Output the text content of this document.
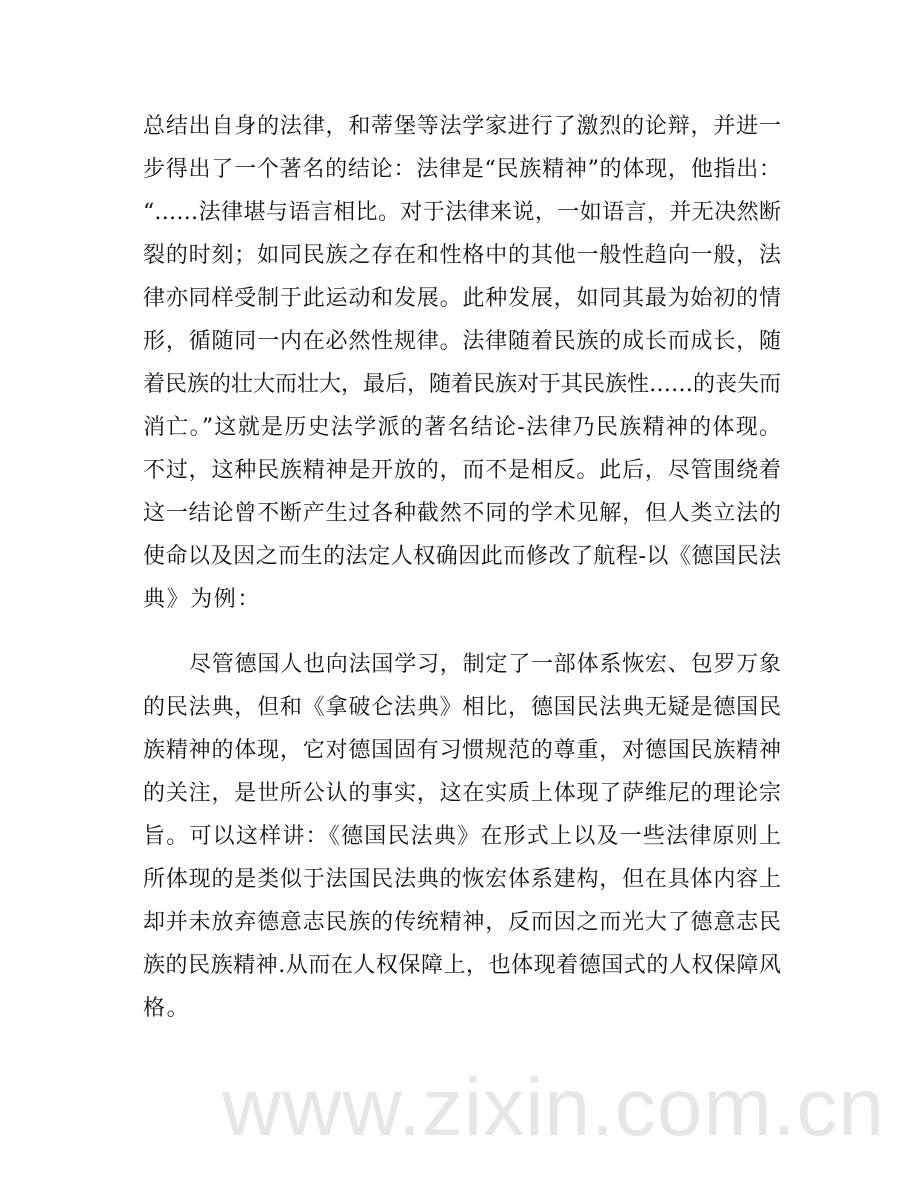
www.zixin.com.cn
总结出自身的法律，和蒂堡等法学家进行了激烈的论辩，并进一
步得出了一个著名的结论：法律是“民族精神”的体现，他指出：
“……法律堪与语言相比。对于法律来说，一如语言，并无决然断
裂的时刻；如同民族之存在和性格中的其他一般性趋向一般，法
律亦同样受制于此运动和发展。此种发展，如同其最为始初的情
形，循随同一内在必然性规律。法律随着民族的成长而成长，随
着民族的壮大而壮大，最后，随着民族对于其民族性……的丧失而
消亡。”这就是历史法学派的著名结论-法律乃民族精神的体现。
不过，这种民族精神是开放的，而不是相反。此后，尽管围绕着
这一结论曾不断产生过各种截然不同的学术见解，但人类立法的
使命以及因之而生的法定人权确因此而修改了航程-以《德国民法
典》为例：
尽管德国人也向法国学习，制定了一部体系恢宏、包罗万象
的民法典，但和《拿破仑法典》相比，德国民法典无疑是德国民
族精神的体现，它对德国固有习惯规范的尊重，对德国民族精神
的关注，是世所公认的事实，这在实质上体现了萨维尼的理论宗
旨。可以这样讲：《德国民法典》在形式上以及一些法律原则上
所体现的是类似于法国民法典的恢宏体系建构，但在具体内容上
却并未放弃德意志民族的传统精神，反而因之而光大了德意志民
族的民族精神.从而在人权保障上，也体现着德国式的人权保障风
格。
